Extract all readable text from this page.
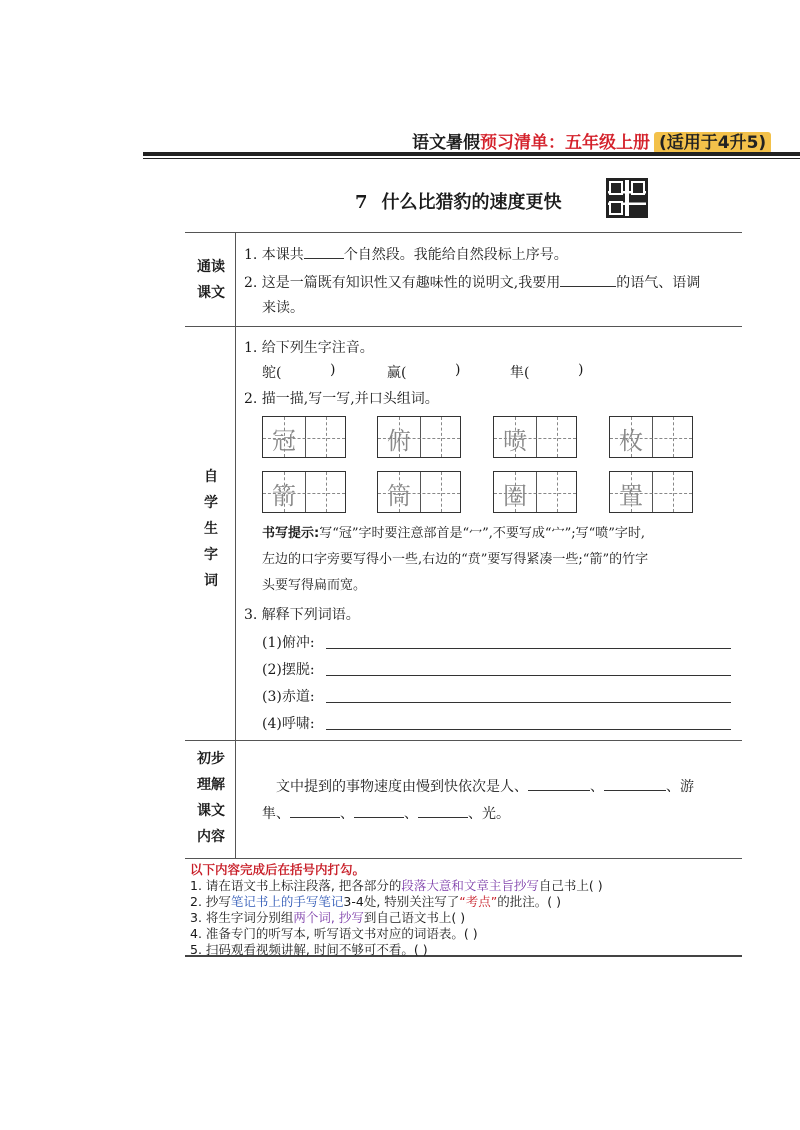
语文暑假预习清单：五年级上册 (适用于4升5)
7 什么比猎豹的速度更快
通读
课文
1. 本课共	个自然段。我能给自然段标上序号。
2. 这是一篇既有知识性又有趣味性的说明文,我要用	的语气、语调
来读。
自
学
生
字
词
1. 给下列生字注音。
鸵(	)	赢(	)	隼(	)
2. 描一描,写一写,并口头组词。
冠	俯	喷	枚
箭	筒	圈	置
书写提示:写“冠”字时要注意部首是“冖”,不要写成“宀”;写“喷”字时,
左边的口字旁要写得小一些,右边的“贲”要写得紧凑一些;“箭”的竹字
头要写得扁而宽。
3. 解释下列词语。
(1)俯冲:
(2)摆脱:
(3)赤道:
(4)呼啸:
初步
理解
课文
内容
文中提到的事物速度由慢到快依次是人、	、	、游
隼、	、	、	、光。
以下内容完成后在括号内打勾。
1. 请在语文书上标注段落, 把各部分的段落大意和文章主旨抄写自己书上( )
2. 抄写笔记书上的手写笔记3-4处, 特别关注写了“考点”的批注。( )
3. 将生字词分别组两个词, 抄写到自己语文书上( )
4. 准备专门的听写本, 听写语文书对应的词语表。( )
5. 扫码观看视频讲解, 时间不够可不看。( )
